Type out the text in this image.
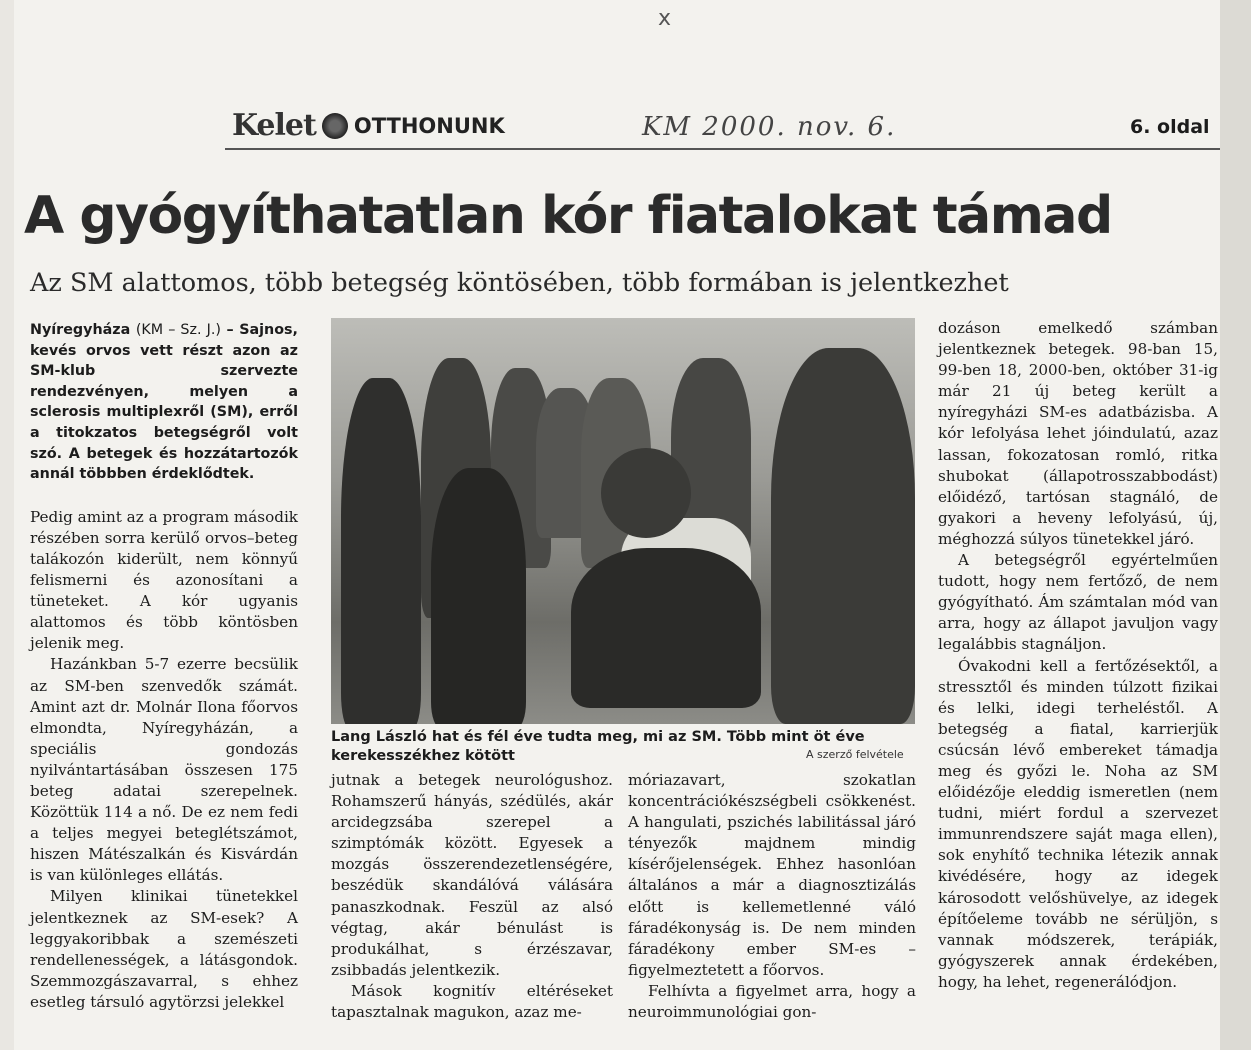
x
Kelet OTTHONUNK	KM 2000. nov. 6.	6. oldal
A gyógyíthatatlan kór fiatalokat támad
Az SM alattomos, több betegség köntösében, több formában is jelentkezhet

Nyíregyháza (KM – Sz. J.) – Sajnos, kevés orvos vett részt azon az SM-klub szervezte rendezvényen, melyen a sclerosis multiplexről (SM), erről a titokzatos betegségről volt szó. A betegek és hozzátartozók annál többben érdeklődtek.

Pedig amint az a program második részében sorra kerülő orvos–beteg talákozón kiderült, nem könnyű felismerni és azonosítani a tüneteket. A kór ugyanis alattomos és több köntösben jelenik meg.

Hazánkban 5-7 ezerre becsülik az SM-ben szenvedők számát. Amint azt dr. Molnár Ilona főorvos elmondta, Nyíregyházán, a speciális gondozás nyilvántartásában összesen 175 beteg adatai szerepelnek. Közöttük 114 a nő. De ez nem fedi a teljes megyei beteglétszámot, hiszen Mátészalkán és Kisvárdán is van különleges ellátás.

Milyen klinikai tünetekkel jelentkeznek az SM-esek? A leggyakoribbak a szemészeti rendellenességek, a látásgondok. Szemmozgászavarral, s ehhez esetleg társuló agytörzsi jelekkel

Lang László hat és fél éve tudta meg, mi az SM. Több mint öt éve kerekesszékhez kötött	A szerző felvétele

jutnak a betegek neurológushoz. Rohamszerű hányás, szédülés, akár arcidegzsába szerepel a szimptómák között. Egyesek a mozgás összerendezetlenségére, beszédük skandálóvá válására panaszkodnak. Feszül az alsó végtag, akár bénulást is produkálhat, s érzészavar, zsibbadás jelentkezik.

Mások kognitív eltéréseket tapasztalnak magukon, azaz me-

móriazavart, szokatlan koncentrációkészségbeli csökkenést. A hangulati, pszichés labilitással járó tényezők majdnem mindig kísérőjelenségek. Ehhez hasonlóan általános a már a diagnosztizálás előtt is kellemetlenné váló fáradékonyság is. De nem minden fáradékony ember SM-es – figyelmeztetett a főorvos.

Felhívta a figyelmet arra, hogy a neuroimmunológiai gon-

dozáson emelkedő számban jelentkeznek betegek. 98-ban 15, 99-ben 18, 2000-ben, október 31-ig már 21 új beteg került a nyíregyházi SM-es adatbázisba. A kór lefolyása lehet jóindulatú, azaz lassan, fokozatosan romló, ritka shubokat (állapotrosszabbodást) előidéző, tartósan stagnáló, de gyakori a heveny lefolyású, új, méghozzá súlyos tünetekkel járó.

A betegségről egyértelműen tudott, hogy nem fertőző, de nem gyógyítható. Ám számtalan mód van arra, hogy az állapot javuljon vagy legalábbis stagnáljon.

Óvakodni kell a fertőzésektől, a stressztől és minden túlzott fizikai és lelki, idegi terheléstől. A betegség a fiatal, karrierjük csúcsán lévő embereket támadja meg és győzi le. Noha az SM előidézője eleddig ismeretlen (nem tudni, miért fordul a szervezet immunrendszere saját maga ellen), sok enyhítő technika létezik annak kivédésére, hogy az idegek károsodott velőshüvelye, az idegek építőeleme tovább ne sérüljön, s vannak módszerek, terápiák, gyógyszerek annak érdekében, hogy, ha lehet, regenerálódjon.
